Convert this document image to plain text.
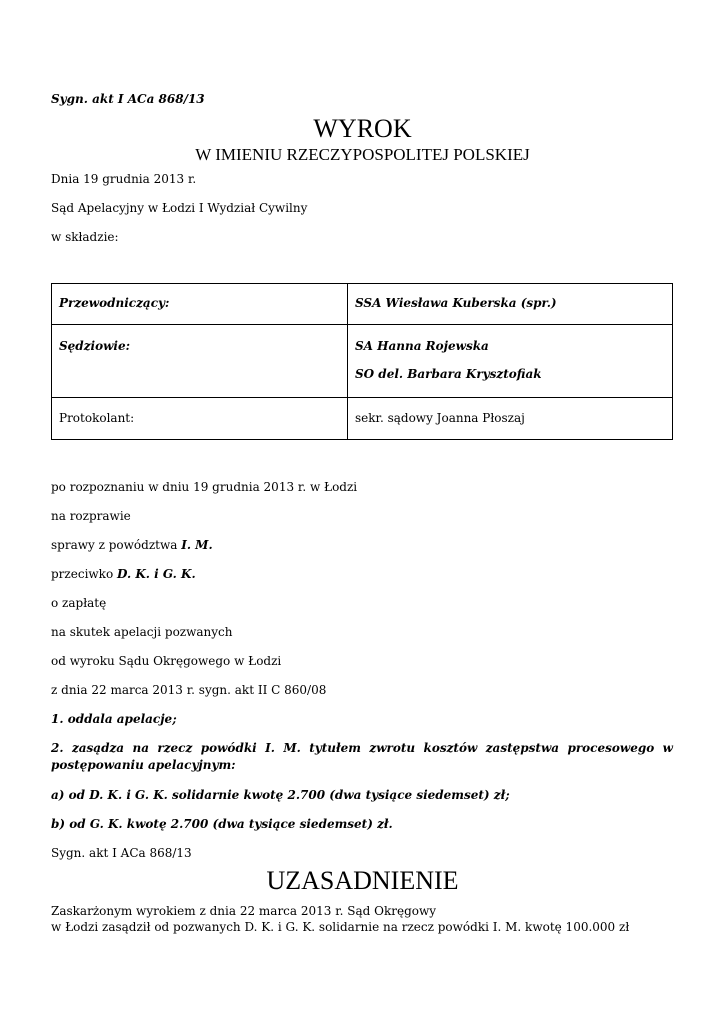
Sygn. akt I ACa 868/13
WYROK
W IMIENIU RZECZYPOSPOLITEJ POLSKIEJ
Dnia 19 grudnia 2013 r.
Sąd Apelacyjny w Łodzi I Wydział Cywilny
w składzie:
Przewodniczący:	SSA Wiesława Kuberska (spr.)
Sędziowie:	SA Hanna Rojewska
SO del. Barbara Krysztofiak

Protokolant:	sekr. sądowy Joanna Płoszaj
po rozpoznaniu w dniu 19 grudnia 2013 r. w Łodzi
na rozprawie
sprawy z powództwa I. M.
przeciwko D. K. i G. K.
o zapłatę
na skutek apelacji pozwanych
od wyroku Sądu Okręgowego w Łodzi
z dnia 22 marca 2013 r. sygn. akt II C 860/08
1. oddala apelacje;
2. zasądza na rzecz powódki I. M. tytułem zwrotu kosztów zastępstwa procesowego w postępowaniu apelacyjnym:
a) od D. K. i G. K. solidarnie kwotę 2.700 (dwa tysiące siedemset) zł;
b) od G. K. kwotę 2.700 (dwa tysiące siedemset) zł.
Sygn. akt I ACa 868/13
UZASADNIENIE
Zaskarżonym wyrokiem z dnia 22 marca 2013 r. Sąd Okręgowy
w Łodzi zasądził od pozwanych D. K. i G. K. solidarnie na rzecz powódki I. M. kwotę 100.000 zł
